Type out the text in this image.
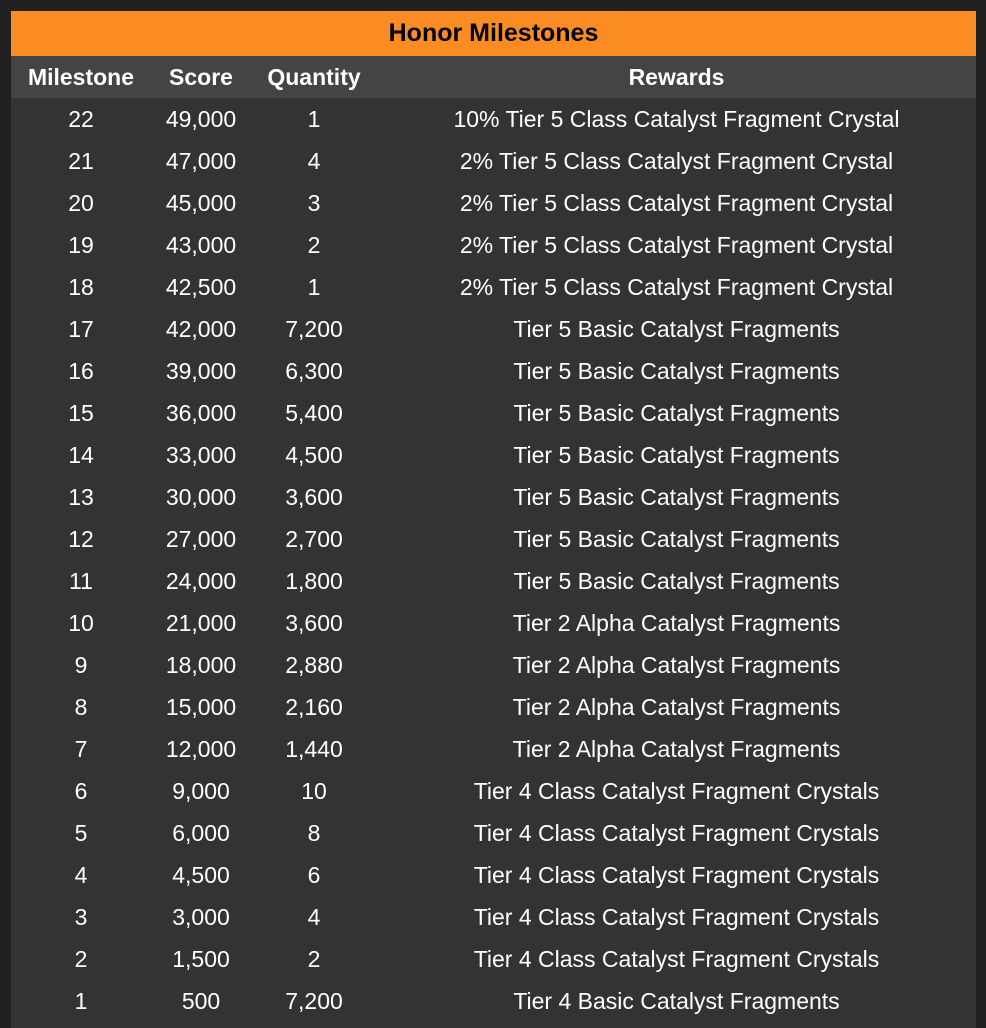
Honor Milestones
Milestone	Score	Quantity	Rewards
22	49,000	1	10% Tier 5 Class Catalyst Fragment Crystal
21	47,000	4	2% Tier 5 Class Catalyst Fragment Crystal
20	45,000	3	2% Tier 5 Class Catalyst Fragment Crystal
19	43,000	2	2% Tier 5 Class Catalyst Fragment Crystal
18	42,500	1	2% Tier 5 Class Catalyst Fragment Crystal
17	42,000	7,200	Tier 5 Basic Catalyst Fragments
16	39,000	6,300	Tier 5 Basic Catalyst Fragments
15	36,000	5,400	Tier 5 Basic Catalyst Fragments
14	33,000	4,500	Tier 5 Basic Catalyst Fragments
13	30,000	3,600	Tier 5 Basic Catalyst Fragments
12	27,000	2,700	Tier 5 Basic Catalyst Fragments
11	24,000	1,800	Tier 5 Basic Catalyst Fragments
10	21,000	3,600	Tier 2 Alpha Catalyst Fragments
9	18,000	2,880	Tier 2 Alpha Catalyst Fragments
8	15,000	2,160	Tier 2 Alpha Catalyst Fragments
7	12,000	1,440	Tier 2 Alpha Catalyst Fragments
6	9,000	10	Tier 4 Class Catalyst Fragment Crystals
5	6,000	8	Tier 4 Class Catalyst Fragment Crystals
4	4,500	6	Tier 4 Class Catalyst Fragment Crystals
3	3,000	4	Tier 4 Class Catalyst Fragment Crystals
2	1,500	2	Tier 4 Class Catalyst Fragment Crystals
1	500	7,200	Tier 4 Basic Catalyst Fragments
